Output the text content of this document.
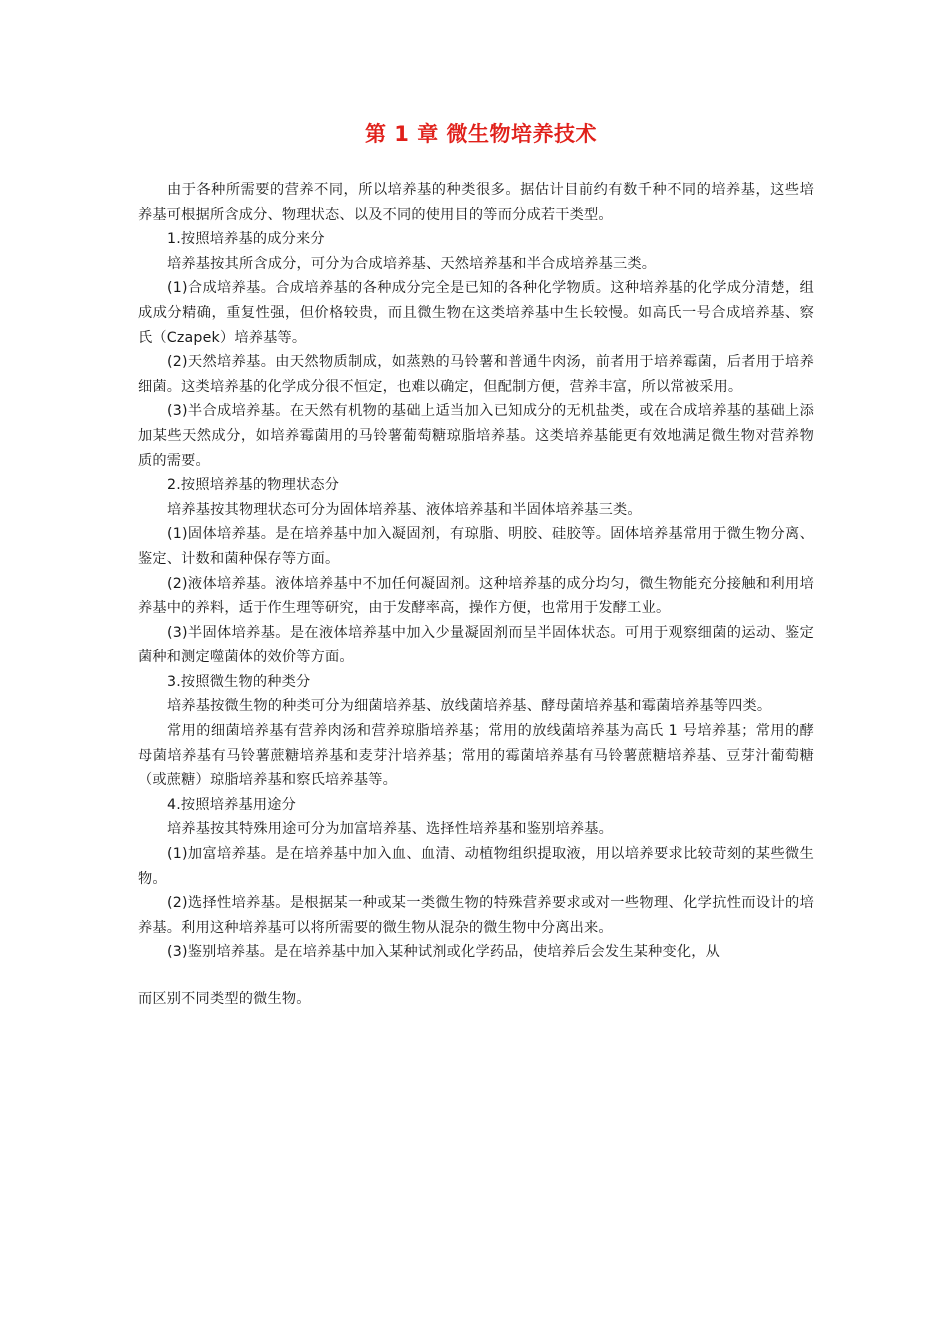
第 1 章 微生物培养技术

由于各种所需要的营养不同，所以培养基的种类很多。据估计目前约有数千种不同的培养基，这些培养基可根据所含成分、物理状态、以及不同的使用目的等而分成若干类型。

1.按照培养基的成分来分

培养基按其所含成分，可分为合成培养基、天然培养基和半合成培养基三类。

(1)合成培养基。合成培养基的各种成分完全是已知的各种化学物质。这种培养基的化学成分清楚，组成成分精确，重复性强，但价格较贵，而且微生物在这类培养基中生长较慢。如高氏一号合成培养基、察氏（Czapek）培养基等。

(2)天然培养基。由天然物质制成，如蒸熟的马铃薯和普通牛肉汤，前者用于培养霉菌，后者用于培养细菌。这类培养基的化学成分很不恒定，也难以确定，但配制方便，营养丰富，所以常被采用。

(3)半合成培养基。在天然有机物的基础上适当加入已知成分的无机盐类，或在合成培养基的基础上添加某些天然成分，如培养霉菌用的马铃薯葡萄糖琼脂培养基。这类培养基能更有效地满足微生物对营养物质的需要。

2.按照培养基的物理状态分

培养基按其物理状态可分为固体培养基、液体培养基和半固体培养基三类。

(1)固体培养基。是在培养基中加入凝固剂，有琼脂、明胶、硅胶等。固体培养基常用于微生物分离、鉴定、计数和菌种保存等方面。

(2)液体培养基。液体培养基中不加任何凝固剂。这种培养基的成分均匀，微生物能充分接触和利用培养基中的养料，适于作生理等研究，由于发酵率高，操作方便，也常用于发酵工业。

(3)半固体培养基。是在液体培养基中加入少量凝固剂而呈半固体状态。可用于观察细菌的运动、鉴定菌种和测定噬菌体的效价等方面。

3.按照微生物的种类分

培养基按微生物的种类可分为细菌培养基、放线菌培养基、酵母菌培养基和霉菌培养基等四类。

常用的细菌培养基有营养肉汤和营养琼脂培养基；常用的放线菌培养基为高氏 1 号培养基；常用的酵母菌培养基有马铃薯蔗糖培养基和麦芽汁培养基；常用的霉菌培养基有马铃薯蔗糖培养基、豆芽汁葡萄糖（或蔗糖）琼脂培养基和察氏培养基等。

4.按照培养基用途分

培养基按其特殊用途可分为加富培养基、选择性培养基和鉴别培养基。

(1)加富培养基。是在培养基中加入血、血清、动植物组织提取液，用以培养要求比较苛刻的某些微生物。

(2)选择性培养基。是根据某一种或某一类微生物的特殊营养要求或对一些物理、化学抗性而设计的培养基。利用这种培养基可以将所需要的微生物从混杂的微生物中分离出来。

(3)鉴别培养基。是在培养基中加入某种试剂或化学药品，使培养后会发生某种变化，从

而区别不同类型的微生物。
